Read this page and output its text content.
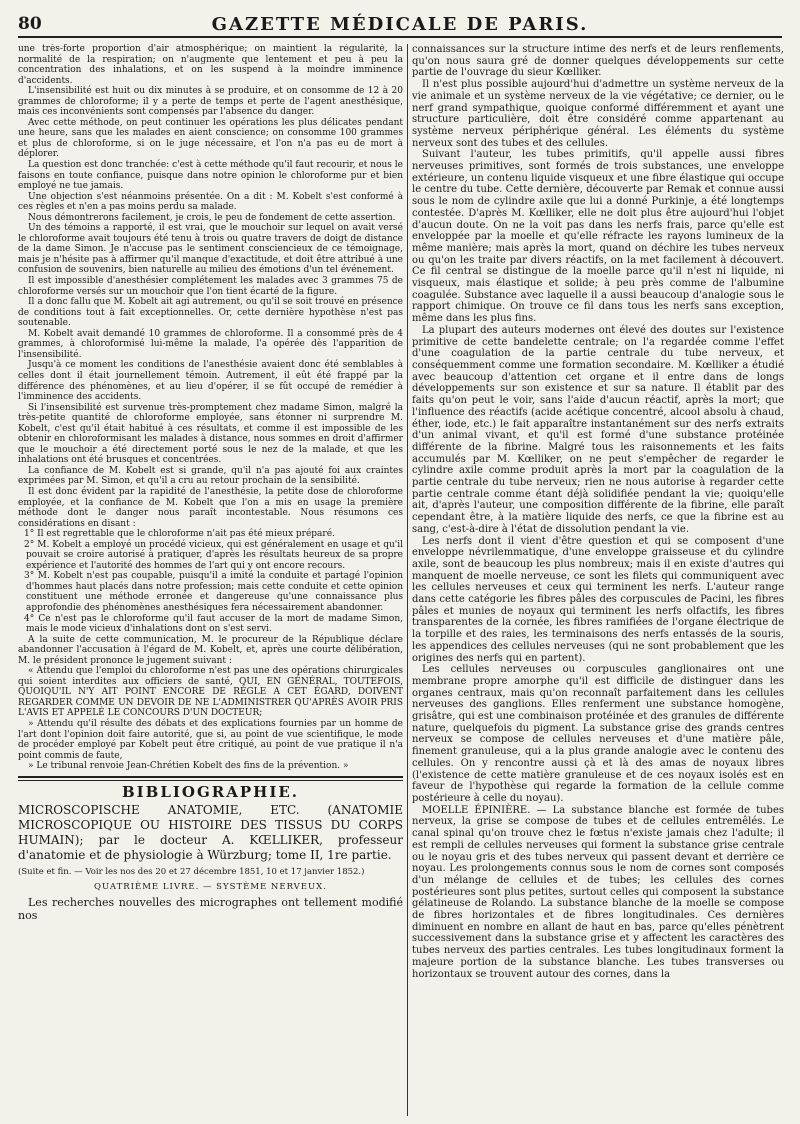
80	GAZETTE MÉDICALE DE PARIS.

une très-forte proportion d'air atmosphérique; on maintient la régularité, la normalité de la respiration; on n'augmente que lentement et peu à peu la concentration des inhalations, et on les suspend à la moindre imminence d'accidents.

L'insensibilité est huit ou dix minutes à se produire, et on consomme de 12 à 20 grammes de chloroforme; il y a perte de temps et perte de l'agent anesthésique, mais ces inconvénients sont compensés par l'absence du danger.

Avec cette méthode, on peut continuer les opérations les plus délicates pendant une heure, sans que les malades en aient conscience; on consomme 100 grammes et plus de chloroforme, si on le juge nécessaire, et l'on n'a pas eu de mort à déplorer.

La question est donc tranchée: c'est à cette méthode qu'il faut recourir, et nous le faisons en toute confiance, puisque dans notre opinion le chloroforme pur et bien employé ne tue jamais.

Une objection s'est néanmoins présentée. On a dit : M. Kobelt s'est conformé à ces règles et n'en a pas moins perdu sa malade.

Nous démontrerons facilement, je crois, le peu de fondement de cette assertion.

Un des témoins a rapporté, il est vrai, que le mouchoir sur lequel on avait versé le chloroforme avait toujours été tenu à trois ou quatre travers de doigt de distance de la dame Simon. Je n'accuse pas le sentiment consciencieux de ce témoignage, mais je n'hésite pas à affirmer qu'il manque d'exactitude, et doit être attribué à une confusion de souvenirs, bien naturelle au milieu des émotions d'un tel événement.

Il est impossible d'anesthésier complétement les malades avec 3 grammes 75 de chloroforme versés sur un mouchoir que l'on tient écarté de la figure.

Il a donc fallu que M. Kobelt ait agi autrement, ou qu'il se soit trouvé en présence de conditions tout à fait exceptionnelles. Or, cette dernière hypothèse n'est pas soutenable.

M. Kobelt avait demandé 10 grammes de chloroforme. Il a consommé près de 4 grammes, à chloroformisé lui-même la malade, l'a opérée dès l'apparition de l'insensibilité.

Jusqu'à ce moment les conditions de l'anesthésie avaient donc été semblables à celles dont il était journellement témoin. Autrement, il eût été frappé par la différence des phénomènes, et au lieu d'opérer, il se fût occupé de remédier à l'imminence des accidents.

Si l'insensibilité est survenue très-promptement chez madame Simon, malgré la très-petite quantité de chloroforme employée, sans étonner ni surprendre M. Kobelt, c'est qu'il était habitué à ces résultats, et comme il est impossible de les obtenir en chloroformisant les malades à distance, nous sommes en droit d'affirmer que le mouchoir a été directement porté sous le nez de la malade, et que les inhalations ont été brusques et concentrées.

La confiance de M. Kobelt est si grande, qu'il n'a pas ajouté foi aux craintes exprimées par M. Simon, et qu'il a cru au retour prochain de la sensibilité.

Il est donc évident par la rapidité de l'anesthésie, la petite dose de chloroforme employée, et la confiance de M. Kobelt que l'on a mis en usage la première méthode dont le danger nous paraît incontestable. Nous résumons ces considérations en disant :

1° Il est regrettable que le chloroforme n'ait pas été mieux préparé.

2° M. Kobelt a employé un procédé vicieux, qui est généralement en usage et qu'il pouvait se croire autorisé à pratiquer, d'après les résultats heureux de sa propre expérience et l'autorité des hommes de l'art qui y ont encore recours.

3° M. Kobelt n'est pas coupable, puisqu'il a imité la conduite et partagé l'opinion d'hommes haut placés dans notre profession; mais cette conduite et cette opinion constituent une méthode erronée et dangereuse qu'une connaissance plus approfondie des phénomènes anesthésiques fera nécessairement abandonner.

4° Ce n'est pas le chloroforme qu'il faut accuser de la mort de madame Simon, mais le mode vicieux d'inhalations dont on s'est servi.

A la suite de cette communication, M. le procureur de la République déclare abandonner l'accusation à l'égard de M. Kobelt, et, après une courte délibération, M. le président prononce le jugement suivant :

« Attendu que l'emploi du chloroforme n'est pas une des opérations chirurgicales qui soient interdites aux officiers de santé, QUI, EN GÉNÉRAL, TOUTEFOIS, QUOIQU'IL N'Y AIT POINT ENCORE DE RÈGLE A CET ÉGARD, DOIVENT REGARDER COMME UN DEVOIR DE NE L'ADMINISTRER QU'APRÈS AVOIR PRIS L'AVIS ET APPELÉ LE CONCOURS D'UN DOCTEUR;

» Attendu qu'il résulte des débats et des explications fournies par un homme de l'art dont l'opinion doit faire autorité, que si, au point de vue scientifique, le mode de procéder employé par Kobelt peut être critiqué, au point de vue pratique il n'a point commis de faute,

» Le tribunal renvoie Jean-Chrétien Kobelt des fins de la prévention. »

BIBLIOGRAPHIE.

MICROSCOPISCHE ANATOMIE, ETC. (ANATOMIE MICROSCOPIQUE OU HISTOIRE DES TISSUS DU CORPS HUMAIN); par le docteur A. KŒLLIKER, professeur d'anatomie et de physiologie à Würzburg; tome II, 1re partie.

(Suite et fin. — Voir les nos des 20 et 27 décembre 1851, 10 et 17 janvier 1852.)

QUATRIÈME LIVRE. — SYSTÈME NERVEUX.

Les recherches nouvelles des micrographes ont tellement modifié nos

connaissances sur la structure intime des nerfs et de leurs renflements, qu'on nous saura gré de donner quelques développements sur cette partie de l'ouvrage du sieur Kœlliker.

Il n'est plus possible aujourd'hui d'admettre un système nerveux de la vie animale et un système nerveux de la vie végétative; ce dernier, ou le nerf grand sympathique, quoique conformé différemment et ayant une structure particulière, doit être considéré comme appartenant au système nerveux périphérique général. Les éléments du système nerveux sont des tubes et des cellules.

Suivant l'auteur, les tubes primitifs, qu'il appelle aussi fibres nerveuses primitives, sont formés de trois substances, une enveloppe extérieure, un contenu liquide visqueux et une fibre élastique qui occupe le centre du tube. Cette dernière, découverte par Remak et connue aussi sous le nom de cylindre axile que lui a donné Purkinje, a été longtemps contestée. D'après M. Kœlliker, elle ne doit plus être aujourd'hui l'objet d'aucun doute. On ne la voit pas dans les nerfs frais, parce qu'elle est enveloppée par la moelle et qu'elle réfracte les rayons lumineux de la même manière; mais après la mort, quand on déchire les tubes nerveux ou qu'on les traite par divers réactifs, on la met facilement à découvert. Ce fil central se distingue de la moelle parce qu'il n'est ni liquide, ni visqueux, mais élastique et solide; à peu près comme de l'albumine coagulée. Substance avec laquelle il a aussi beaucoup d'analogie sous le rapport chimique. On trouve ce fil dans tous les nerfs sans exception, même dans les plus fins.

La plupart des auteurs modernes ont élevé des doutes sur l'existence primitive de cette bandelette centrale; on l'a regardée comme l'effet d'une coagulation de la partie centrale du tube nerveux, et conséquemment comme une formation secondaire. M. Kœlliker a étudié avec beaucoup d'attention cet organe et il entre dans de longs développements sur son existence et sur sa nature. Il établit par des faits qu'on peut le voir, sans l'aide d'aucun réactif, après la mort; que l'influence des réactifs (acide acétique concentré, alcool absolu à chaud, éther, iode, etc.) le fait apparaître instantanément sur des nerfs extraits d'un animal vivant, et qu'il est formé d'une substance protéinée différente de la fibrine. Malgré tous les raisonnements et les faits accumulés par M. Kœlliker, on ne peut s'empêcher de regarder le cylindre axile comme produit après la mort par la coagulation de la partie centrale du tube nerveux; rien ne nous autorise à regarder cette partie centrale comme étant déjà solidifiée pendant la vie; quoiqu'elle ait, d'après l'auteur, une composition différente de la fibrine, elle paraît cependant être, à la matière liquide des nerfs, ce que la fibrine est au sang, c'est-à-dire à l'état de dissolution pendant la vie.

Les nerfs dont il vient d'être question et qui se composent d'une enveloppe névrilemmatique, d'une enveloppe graisseuse et du cylindre axile, sont de beaucoup les plus nombreux; mais il en existe d'autres qui manquent de moelle nerveuse, ce sont les filets qui communiquent avec les cellules nerveuses et ceux qui terminent les nerfs. L'auteur range dans cette catégorie les fibres pâles des corpuscules de Pacini, les fibres pâles et munies de noyaux qui terminent les nerfs olfactifs, les fibres transparentes de la cornée, les fibres ramifiées de l'organe électrique de la torpille et des raies, les terminaisons des nerfs entassés de la souris, les appendices des cellules nerveuses (qui ne sont probablement que les origines des nerfs qui en partent).

Les cellules nerveuses ou corpuscules ganglionaires ont une membrane propre amorphe qu'il est difficile de distinguer dans les organes centraux, mais qu'on reconnaît parfaitement dans les cellules nerveuses des ganglions. Elles renferment une substance homogène, grisâtre, qui est une combinaison protéinée et des granules de différente nature, quelquefois du pigment. La substance grise des grands centres nerveux se compose de cellules nerveuses et d'une matière pâle, finement granuleuse, qui a la plus grande analogie avec le contenu des cellules. On y rencontre aussi çà et là des amas de noyaux libres (l'existence de cette matière granuleuse et de ces noyaux isolés est en faveur de l'hypothèse qui regarde la formation de la cellule comme postérieure à celle du noyau).

MOELLE ÉPINIÈRE. — La substance blanche est formée de tubes nerveux, la grise se compose de tubes et de cellules entremêlés. Le canal spinal qu'on trouve chez le fœtus n'existe jamais chez l'adulte; il est rempli de cellules nerveuses qui forment la substance grise centrale ou le noyau gris et des tubes nerveux qui passent devant et derrière ce noyau. Les prolongements connus sous le nom de cornes sont composés d'un mélange de cellules et de tubes; les cellules des cornes postérieures sont plus petites, surtout celles qui composent la substance gélatineuse de Rolando. La substance blanche de la moelle se compose de fibres horizontales et de fibres longitudinales. Ces dernières diminuent en nombre en allant de haut en bas, parce qu'elles pénètrent successivement dans la substance grise et y affectent les caractères des tubes nerveux des parties centrales. Les tubes longitudinaux forment la majeure portion de la substance blanche. Les tubes transverses ou horizontaux se trouvent autour des cornes, dans la
